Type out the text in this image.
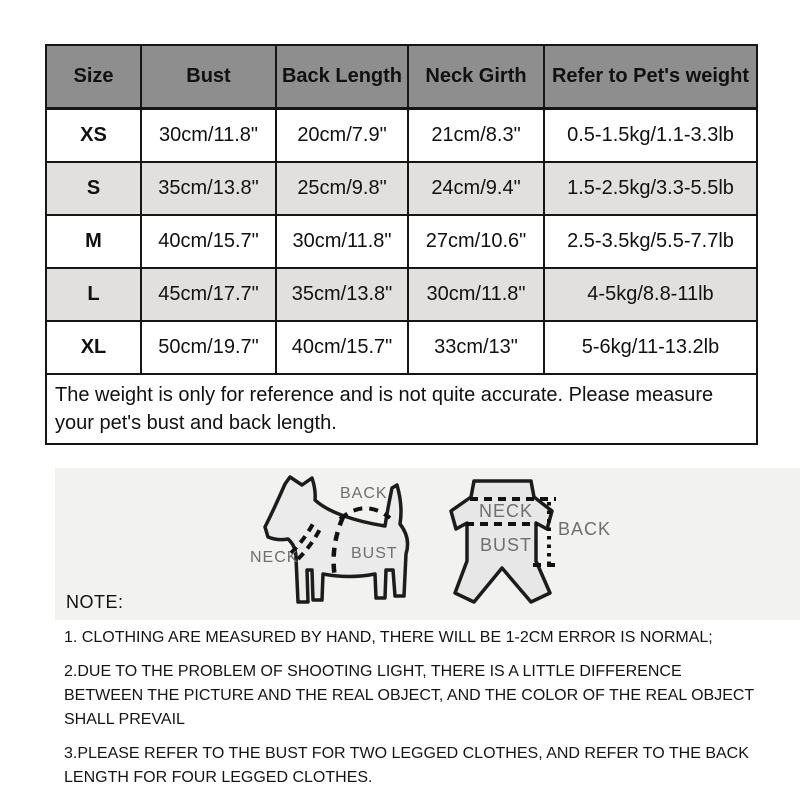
Size	Bust	Back Length	Neck Girth	Refer to Pet's weight
XS	30cm/11.8"	20cm/7.9"	21cm/8.3"	0.5-1.5kg/1.1-3.3lb
S	35cm/13.8"	25cm/9.8"	24cm/9.4"	1.5-2.5kg/3.3-5.5lb
M	40cm/15.7"	30cm/11.8"	27cm/10.6"	2.5-3.5kg/5.5-7.7lb
L	45cm/17.7"	35cm/13.8"	30cm/11.8"	4-5kg/8.8-11lb
XL	50cm/19.7"	40cm/15.7"	33cm/13"	5-6kg/11-13.2lb
The weight is only for reference and is not quite accurate. Please measure your pet's bust and back length.				
BACK
NECK	BUST
NECK
BUST
BACK
NOTE:

1. CLOTHING ARE MEASURED BY HAND, THERE WILL BE 1-2CM ERROR IS NORMAL;

2.DUE TO THE PROBLEM OF SHOOTING LIGHT, THERE IS A LITTLE DIFFERENCE BETWEEN THE PICTURE AND THE REAL OBJECT, AND THE COLOR OF THE REAL OBJECT SHALL PREVAIL

3.PLEASE REFER TO THE BUST FOR TWO LEGGED CLOTHES, AND REFER TO THE BACK LENGTH FOR FOUR LEGGED CLOTHES.
